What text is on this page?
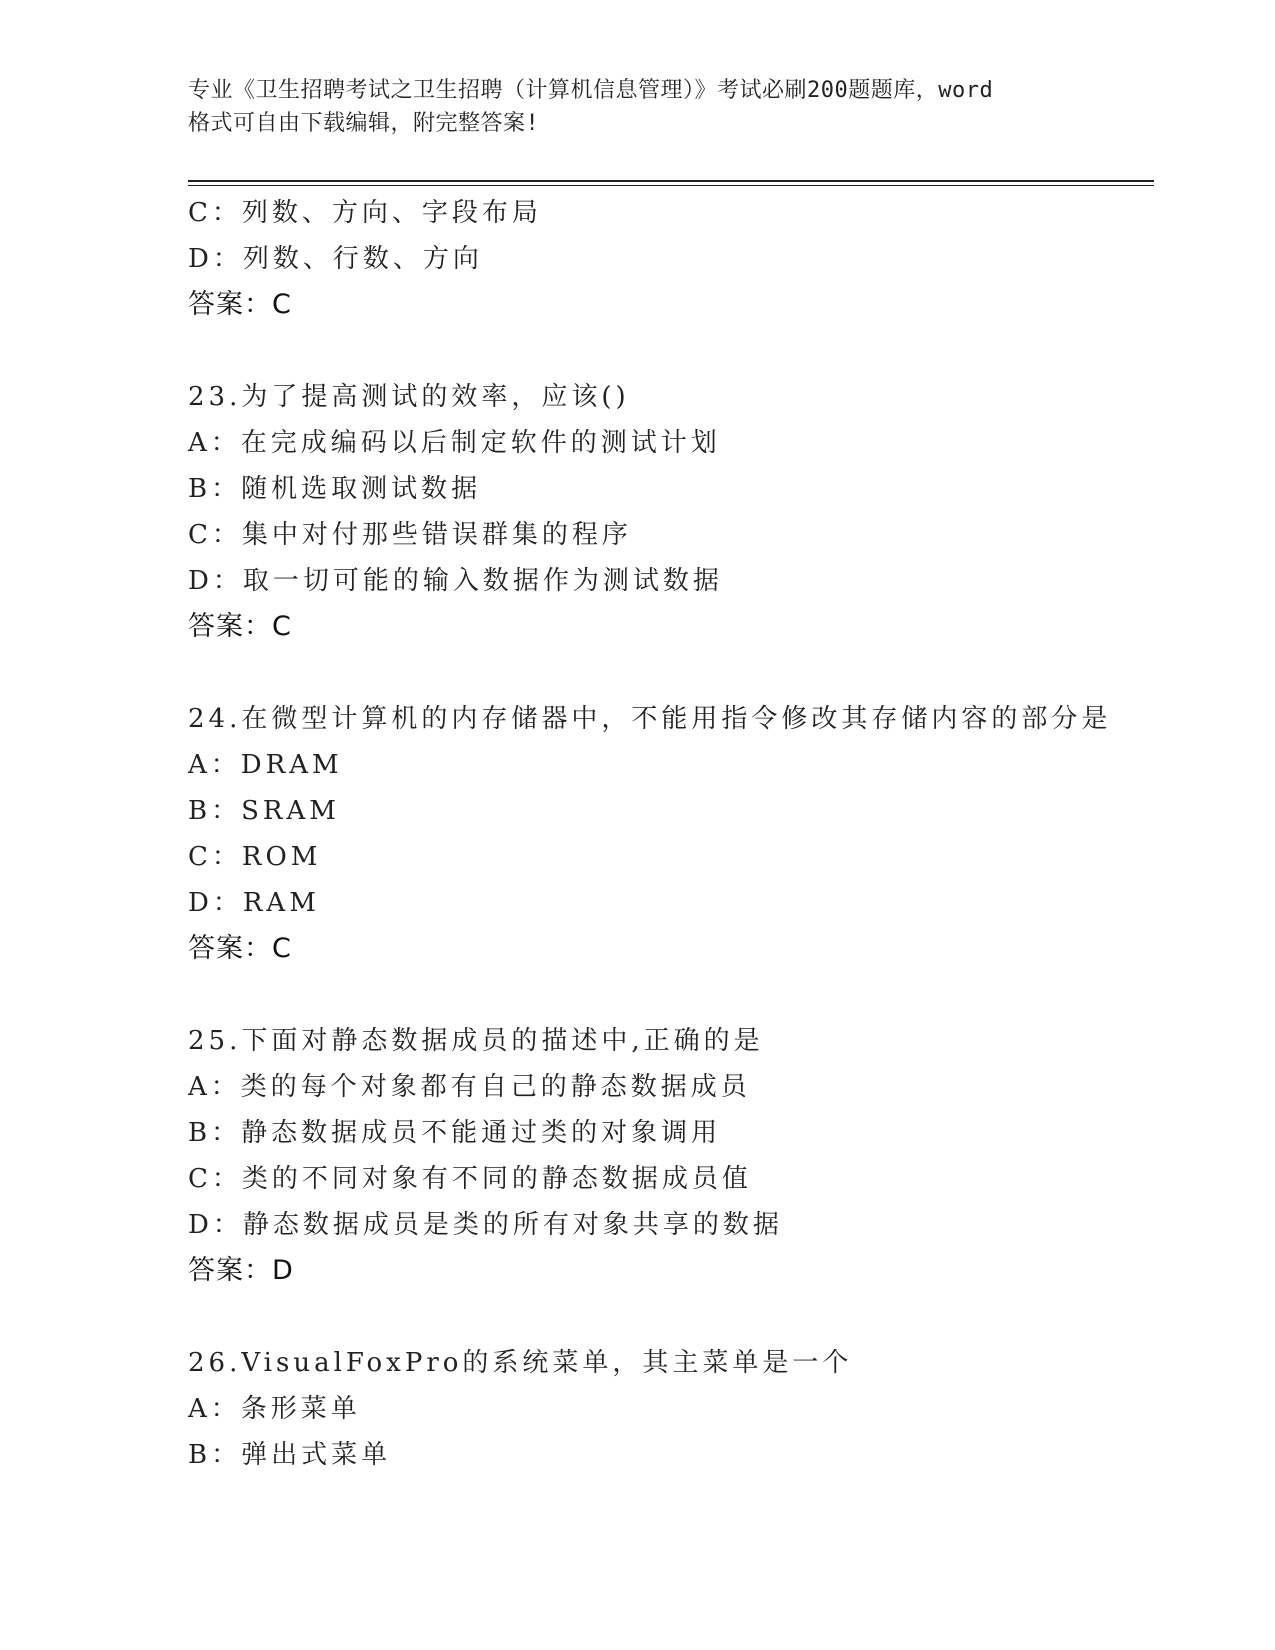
专业《卫生招聘考试之卫生招聘（计算机信息管理）》考试必刷200题题库，word
格式可自由下载编辑，附完整答案!
C：列数、方向、字段布局
D：列数、行数、方向
答案：C
23.为了提高测试的效率，应该()
A：在完成编码以后制定软件的测试计划
B：随机选取测试数据
C：集中对付那些错误群集的程序
D：取一切可能的输入数据作为测试数据
答案：C
24.在微型计算机的内存储器中，不能用指令修改其存储内容的部分是
A：DRAM
B：SRAM
C：ROM
D：RAM
答案：C
25.下面对静态数据成员的描述中,正确的是
A：类的每个对象都有自己的静态数据成员
B：静态数据成员不能通过类的对象调用
C：类的不同对象有不同的静态数据成员值
D：静态数据成员是类的所有对象共享的数据
答案：D
26.VisualFoxPro的系统菜单，其主菜单是一个
A：条形菜单
B：弹出式菜单
